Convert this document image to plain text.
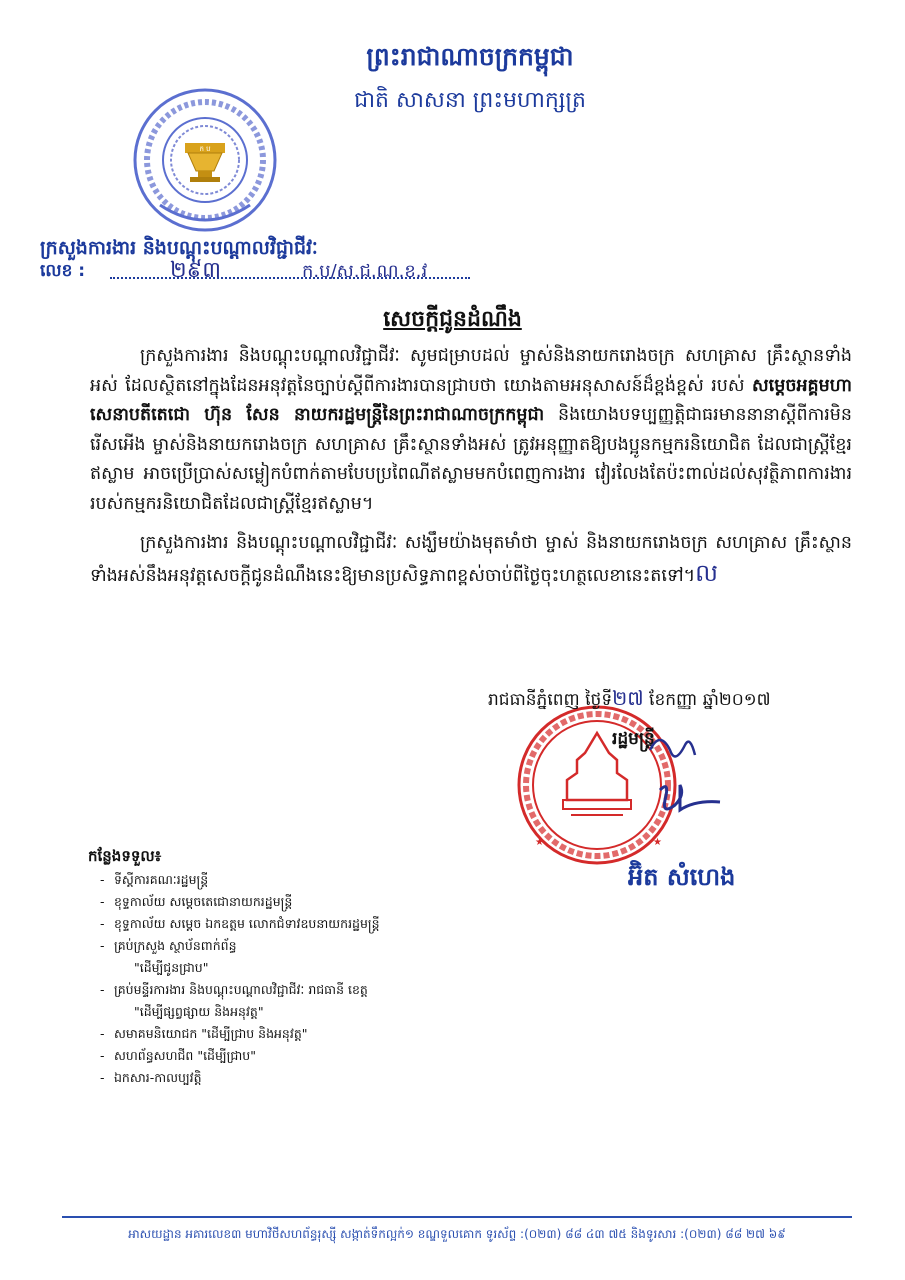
ក ប
ព្រះរាជាណាចក្រកម្ពុជា
ជាតិ សាសនា ព្រះមហាក្សត្រ
ក្រសួងការងារ និងបណ្តុះបណ្តាលវិជ្ជាជីវៈ
លេខ :	២៩៣	ក.ប/ស.ជ.ណ.ខ.វ
សេចក្តីជូនដំណឹង

ក្រសួងការងារ និងបណ្តុះបណ្តាលវិជ្ជាជីវៈ សូមជម្រាបដល់ ម្ចាស់និងនាយករោងចក្រ សហគ្រាស គ្រឹះស្ថានទាំងអស់ ដែលស្ថិតនៅក្នុងដែនអនុវត្តនៃច្បាប់ស្តីពីការងារបានជ្រាបថា យោងតាមអនុសាសន៍ដ៏ខ្ពង់ខ្ពស់ របស់ សម្តេចអគ្គមហាសេនាបតីតេជោ ហ៊ុន សែន នាយករដ្ឋមន្ត្រីនៃព្រះរាជាណាចក្រកម្ពុជា និងយោងបទប្បញ្ញត្តិជាធរមាននានាស្តីពីការមិនរើសអើង ម្ចាស់និងនាយករោងចក្រ សហគ្រាស គ្រឹះស្ថានទាំងអស់ ត្រូវអនុញ្ញាតឱ្យបងប្អូនកម្មករនិយោជិត ដែលជាស្ត្រីខ្មែរឥស្លាម អាចប្រើប្រាស់សម្លៀកបំពាក់តាមបែបប្រពៃណីឥស្លាមមកបំពេញការងារ វៀរលែងតែប៉ះពាល់ដល់សុវត្ថិភាពការងាររបស់កម្មករនិយោជិតដែលជាស្ត្រីខ្មែរឥស្លាម។

ក្រសួងការងារ និងបណ្តុះបណ្តាលវិជ្ជាជីវៈ សង្ឃឹមយ៉ាងមុតមាំថា ម្ចាស់ និងនាយករោងចក្រ សហគ្រាស គ្រឹះស្ថានទាំងអស់នឹងអនុវត្តសេចក្តីជូនដំណឹងនេះឱ្យមានប្រសិទ្ធភាពខ្ពស់ចាប់ពីថ្ងៃចុះហត្ថលេខានេះតទៅ។ល

★	★
រាជធានីភ្នំពេញ ថ្ងៃទី២៧ ខែកញ្ញា ឆ្នាំ២០១៧
រដ្ឋមន្ត្រី
អ៊ិត សំហេង
កន្លែងទទួល៖
- ទីស្តីការគណៈរដ្ឋមន្ត្រី
- ខុទ្ទកាល័យ សម្តេចតេជោនាយករដ្ឋមន្ត្រី
- ខុទ្ទកាល័យ សម្តេច ឯកឧត្តម លោកជំទាវឧបនាយករដ្ឋមន្ត្រី
- គ្រប់ក្រសួង ស្ថាប័នពាក់ព័ន្ធ
"ដើម្បីជូនជ្រាប"
- គ្រប់មន្ទីរការងារ និងបណ្តុះបណ្តាលវិជ្ជាជីវៈ រាជធានី ខេត្ត
"ដើម្បីផ្សព្វផ្សាយ និងអនុវត្ត"
- សមាគមនិយោជក "ដើម្បីជ្រាប និងអនុវត្ត"
- សហព័ន្ធសហជីព "ដើម្បីជ្រាប"
- ឯកសារ-កាលប្បវត្តិ
អាសយដ្ឋាន អគារលេខ៣ មហាវិថីសហព័ន្ធរុស្ស៊ី សង្កាត់ទឹកល្អក់១ ខណ្ឌទួលគោក ទូរស័ព្ទ :(០២៣) ៨៨ ៤៣ ៧៥ និងទូរសារ :(០២៣) ៨៨ ២៧ ៦៩
